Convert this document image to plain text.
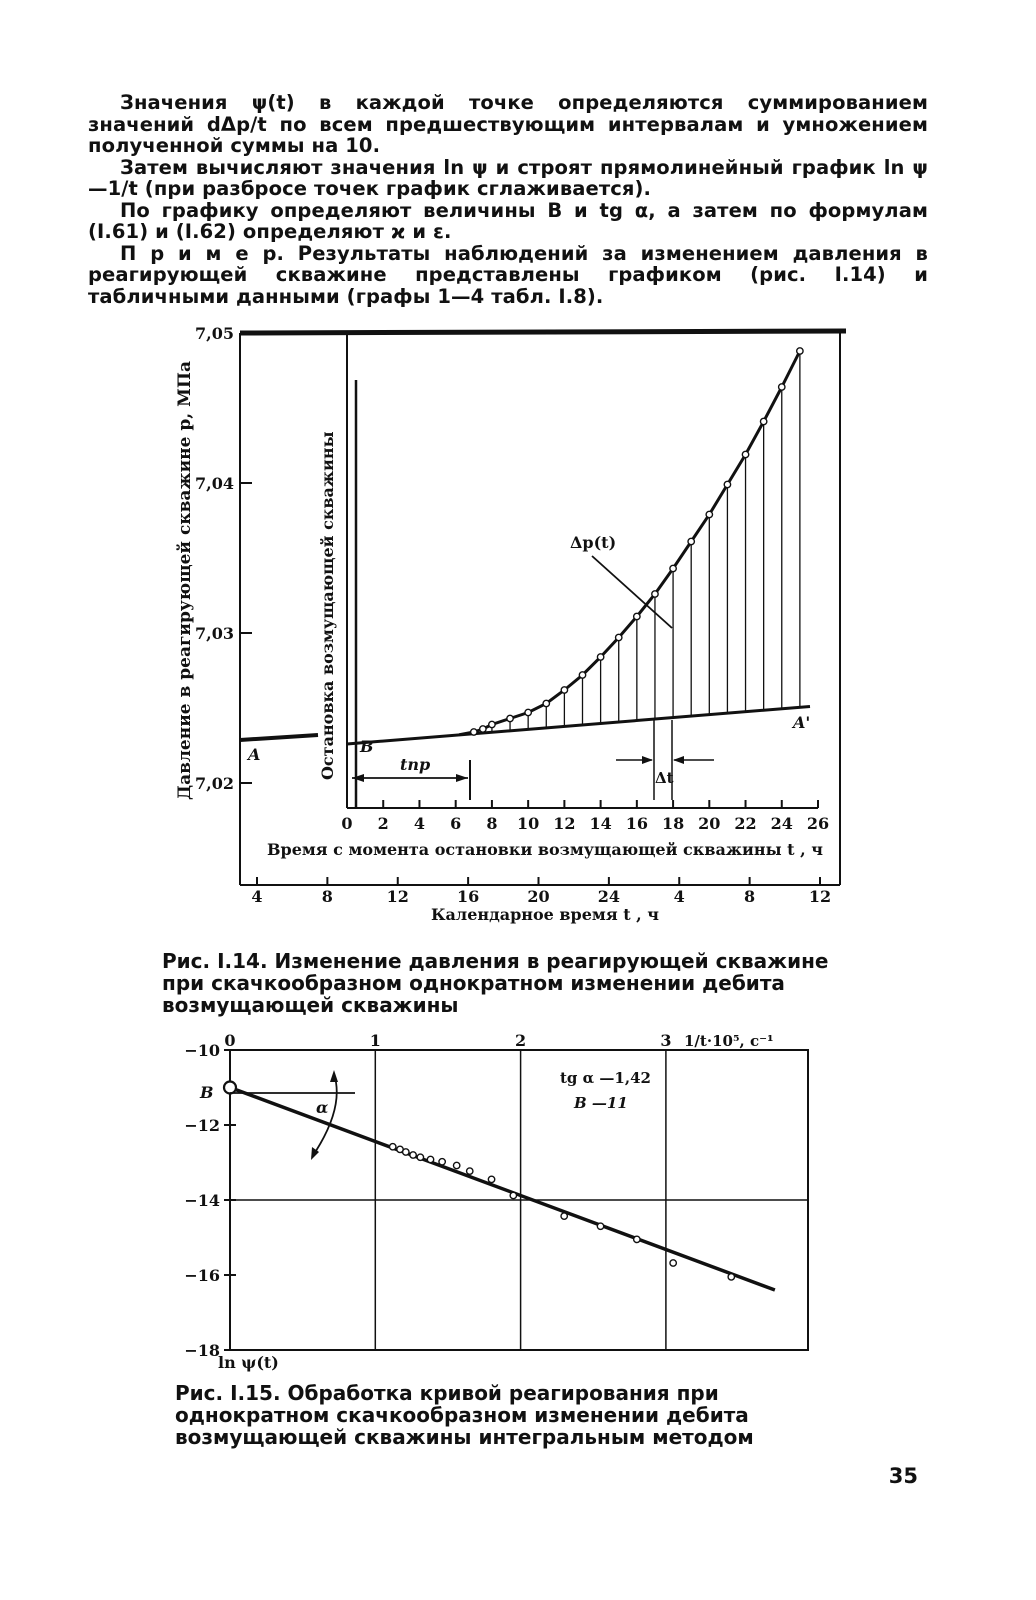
Значения ψ(t) в каждой точке определяются суммированием значений dΔp/t по всем предшествующим интервалам и умножением полученной суммы на 10.

Затем вычисляют значения ln ψ и строят прямолинейный график ln ψ—1/t (при разбросе точек график сглаживается).

По графику определяют величины B и tg α, а затем по формулам (I.61) и (I.62) определяют ϰ и ε.

П р и м е р. Результаты наблюдений за изменением давления в реагирующей скважине представлены графиком (рис. I.14) и табличными данными (графы 1—4 табл. I.8).

7,05
7,04
7,03
7,02
0 2 4 6 8 10 12 14 16 18 20 22 24 26
4	8	12	16	20	24	4	8	12
A	B
A'
Δp(t)
tпр
Δt
Давление в реагирующей скважине p, МПа	Остановка возмущающей скважины
Время с момента остановки возмущающей скважины t , ч
Календарное время t , ч
0	1	2	3
−10
−12
−14
−16
−18
α
B
tg α —1,42
B —11
1/t·10⁵, с⁻¹
ln ψ(t)
Рис. I.14. Изменение давления в реагирующей скважине при скачкообразном однократном изменении дебита возмущающей скважины
Рис. I.15. Обработка кривой реагирования при однократном скачкообразном изменении дебита возмущающей скважины интегральным методом
35
